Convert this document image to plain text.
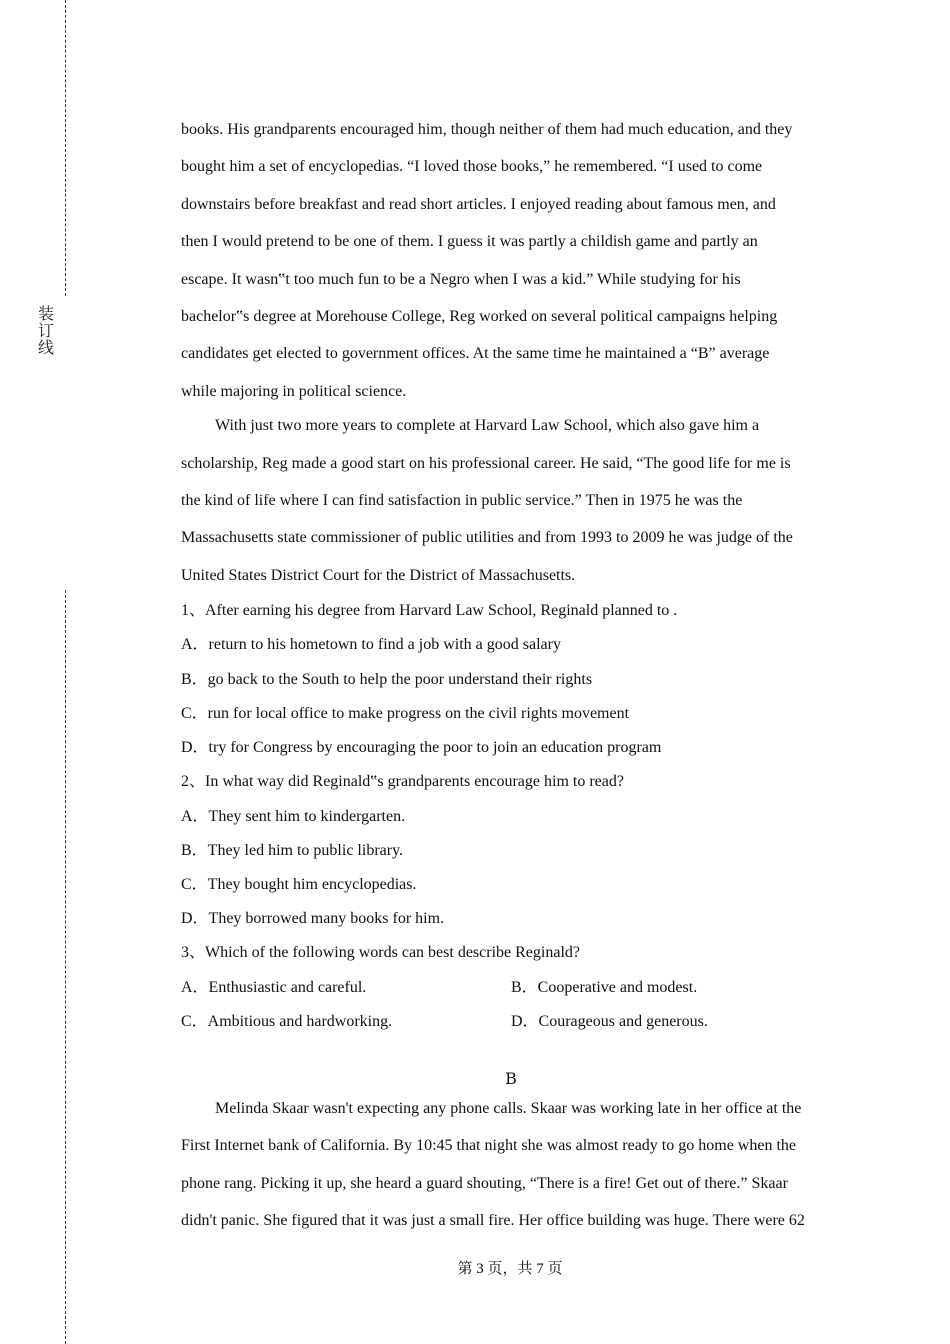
装
订
线
books. His grandparents encouraged him, though neither of them had much education, and they
bought him a set of encyclopedias. “I loved those books,” he remembered. “I used to come
downstairs before breakfast and read short articles. I enjoyed reading about famous men, and
then I would pretend to be one of them. I guess it was partly a childish game and partly an
escape. It wasn‟t too much fun to be a Negro when I was a kid.” While studying for his
bachelor‟s degree at Morehouse College, Reg worked on several political campaigns helping
candidates get elected to government offices. At the same time he maintained a “B” average
while majoring in political science.
With just two more years to complete at Harvard Law School, which also gave him a
scholarship, Reg made a good start on his professional career. He said, “The good life for me is
the kind of life where I can find satisfaction in public service.” Then in 1975 he was the
Massachusetts state commissioner of public utilities and from 1993 to 2009 he was judge of the
United States District Court for the District of Massachusetts.
1、After earning his degree from Harvard Law School, Reginald planned to .
A．return to his hometown to find a job with a good salary
B．go back to the South to help the poor understand their rights
C．run for local office to make progress on the civil rights movement
D．try for Congress by encouraging the poor to join an education program
2、In what way did Reginald‟s grandparents encourage him to read?
A．They sent him to kindergarten.
B．They led him to public library.
C．They bought him encyclopedias.
D．They borrowed many books for him.
3、Which of the following words can best describe Reginald?
A．Enthusiastic and careful.	B．Cooperative and modest.
C．Ambitious and hardworking.	D．Courageous and generous.
B
Melinda Skaar wasn't expecting any phone calls. Skaar was working late in her office at the
First Internet bank of California. By 10:45 that night she was almost ready to go home when the
phone rang. Picking it up, she heard a guard shouting, “There is a fire! Get out of there.” Skaar
didn't panic. She figured that it was just a small fire. Her office building was huge. There were 62
第 3 页，共 7 页
